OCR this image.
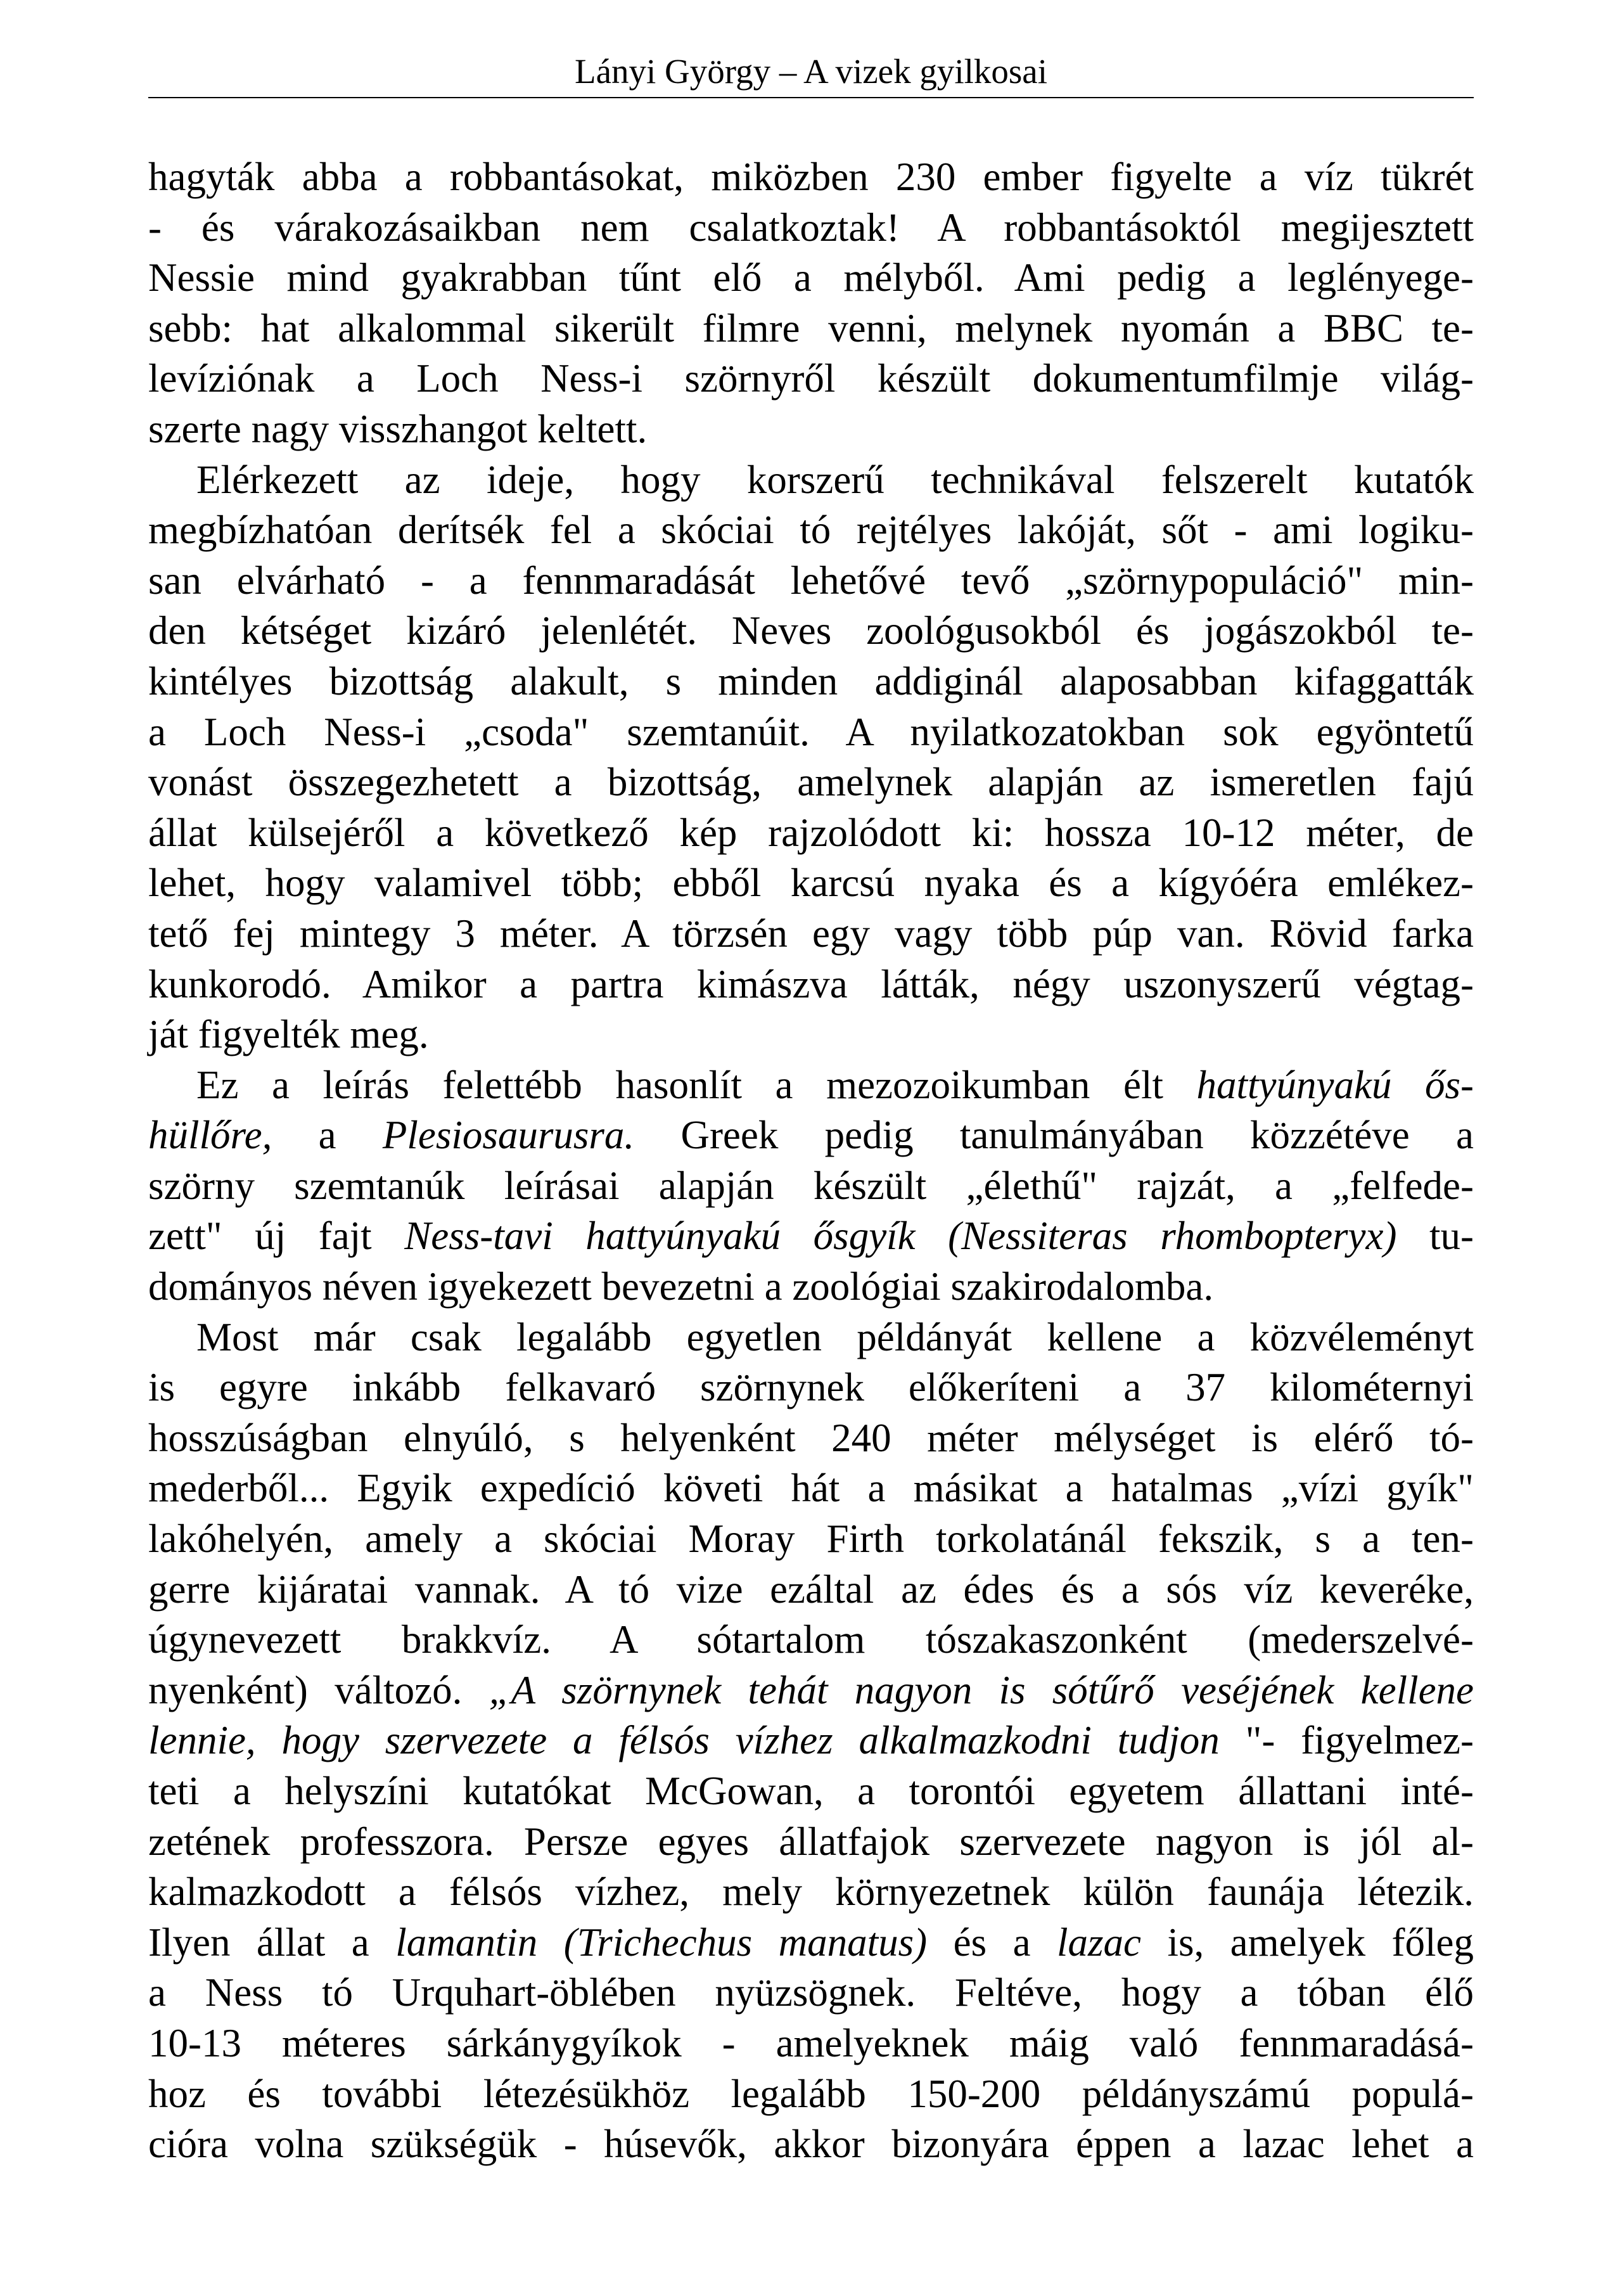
Lányi György – A vizek gyilkosai
hagyták abba a robbantásokat, miközben 230 ember figyelte a víz tükrét
- és várakozásaikban nem csalatkoztak! A robbantásoktól megijesztett
Nessie mind gyakrabban tűnt elő a mélyből. Ami pedig a leglényege-
sebb: hat alkalommal sikerült filmre venni, melynek nyomán a BBC te-
levíziónak a Loch Ness-i szörnyről készült dokumentumfilmje világ-
szerte nagy visszhangot keltett.
Elérkezett az ideje, hogy korszerű technikával felszerelt kutatók
megbízhatóan derítsék fel a skóciai tó rejtélyes lakóját, sőt - ami logiku-
san elvárható - a fennmaradását lehetővé tevő „szörnypopuláció" min-
den kétséget kizáró jelenlétét. Neves zoológusokból és jogászokból te-
kintélyes bizottság alakult, s minden addiginál alaposabban kifaggatták
a Loch Ness-i „csoda" szemtanúit. A nyilatkozatokban sok egyöntetű
vonást összegezhetett a bizottság, amelynek alapján az ismeretlen fajú
állat külsejéről a következő kép rajzolódott ki: hossza 10-12 méter, de
lehet, hogy valamivel több; ebből karcsú nyaka és a kígyóéra emlékez-
tető fej mintegy 3 méter. A törzsén egy vagy több púp van. Rövid farka
kunkorodó. Amikor a partra kimászva látták, négy uszonyszerű végtag-
ját figyelték meg.
Ez a leírás felettébb hasonlít a mezozoikumban élt hattyúnyakú ős-
hüllőre, a Plesiosaurusra. Greek pedig tanulmányában közzétéve a
szörny szemtanúk leírásai alapján készült „élethű" rajzát, a „felfede-
zett" új fajt Ness-tavi hattyúnyakú ősgyík (Nessiteras rhombopteryx) tu-
dományos néven igyekezett bevezetni a zoológiai szakirodalomba.
Most már csak legalább egyetlen példányát kellene a közvéleményt
is egyre inkább felkavaró szörnynek előkeríteni a 37 kilométernyi
hosszúságban elnyúló, s helyenként 240 méter mélységet is elérő tó-
mederből... Egyik expedíció követi hát a másikat a hatalmas „vízi gyík"
lakóhelyén, amely a skóciai Moray Firth torkolatánál fekszik, s a ten-
gerre kijáratai vannak. A tó vize ezáltal az édes és a sós víz keveréke,
úgynevezett brakkvíz. A sótartalom tószakaszonként (mederszelvé-
nyenként) változó. „A szörnynek tehát nagyon is sótűrő veséjének kellene
lennie, hogy szervezete a félsós vízhez alkalmazkodni tudjon "- figyelmez-
teti a helyszíni kutatókat McGowan, a torontói egyetem állattani inté-
zetének professzora. Persze egyes állatfajok szervezete nagyon is jól al-
kalmazkodott a félsós vízhez, mely környezetnek külön faunája létezik.
Ilyen állat a lamantin (Trichechus manatus) és a lazac is, amelyek főleg
a Ness tó Urquhart-öblében nyüzsögnek. Feltéve, hogy a tóban élő
10-13 méteres sárkánygyíkok - amelyeknek máig való fennmaradásá-
hoz és további létezésükhöz legalább 150-200 példányszámú populá-
cióra volna szükségük - húsevők, akkor bizonyára éppen a lazac lehet a
